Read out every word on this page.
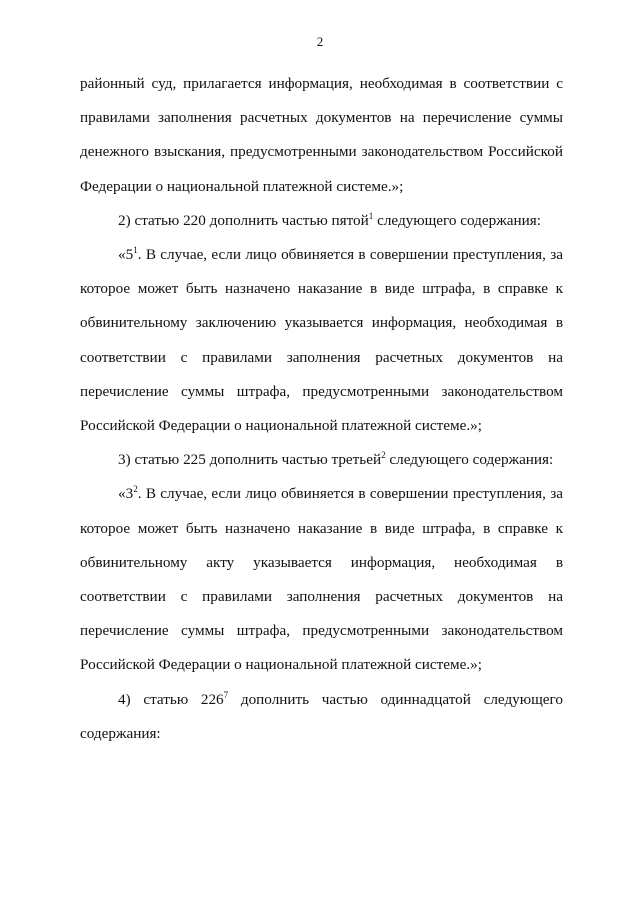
2

районный суд, прилагается информация, необходимая в соответствии с правилами заполнения расчетных документов на перечисление суммы денежного взыскания, предусмотренными законодательством Российской Федерации о национальной платежной системе.»;

2) статью 220 дополнить частью пятой$^1$ следующего содержания:

«$5^1$. В случае, если лицо обвиняется в совершении преступления, за которое может быть назначено наказание в виде штрафа, в справке к обвинительному заключению указывается информация, необходимая в соответствии с правилами заполнения расчетных документов на перечисление суммы штрафа, предусмотренными законодательством Российской Федерации о национальной платежной системе.»;

3) статью 225 дополнить частью третьей$^2$ следующего содержания:

«$3^2$. В случае, если лицо обвиняется в совершении преступления, за которое может быть назначено наказание в виде штрафа, в справке к обвинительному акту указывается информация, необходимая в соответствии с правилами заполнения расчетных документов на перечисление суммы штрафа, предусмотренными законодательством Российской Федерации о национальной платежной системе.»;

4) статью $226^7$ дополнить частью одиннадцатой следующего содержания:
